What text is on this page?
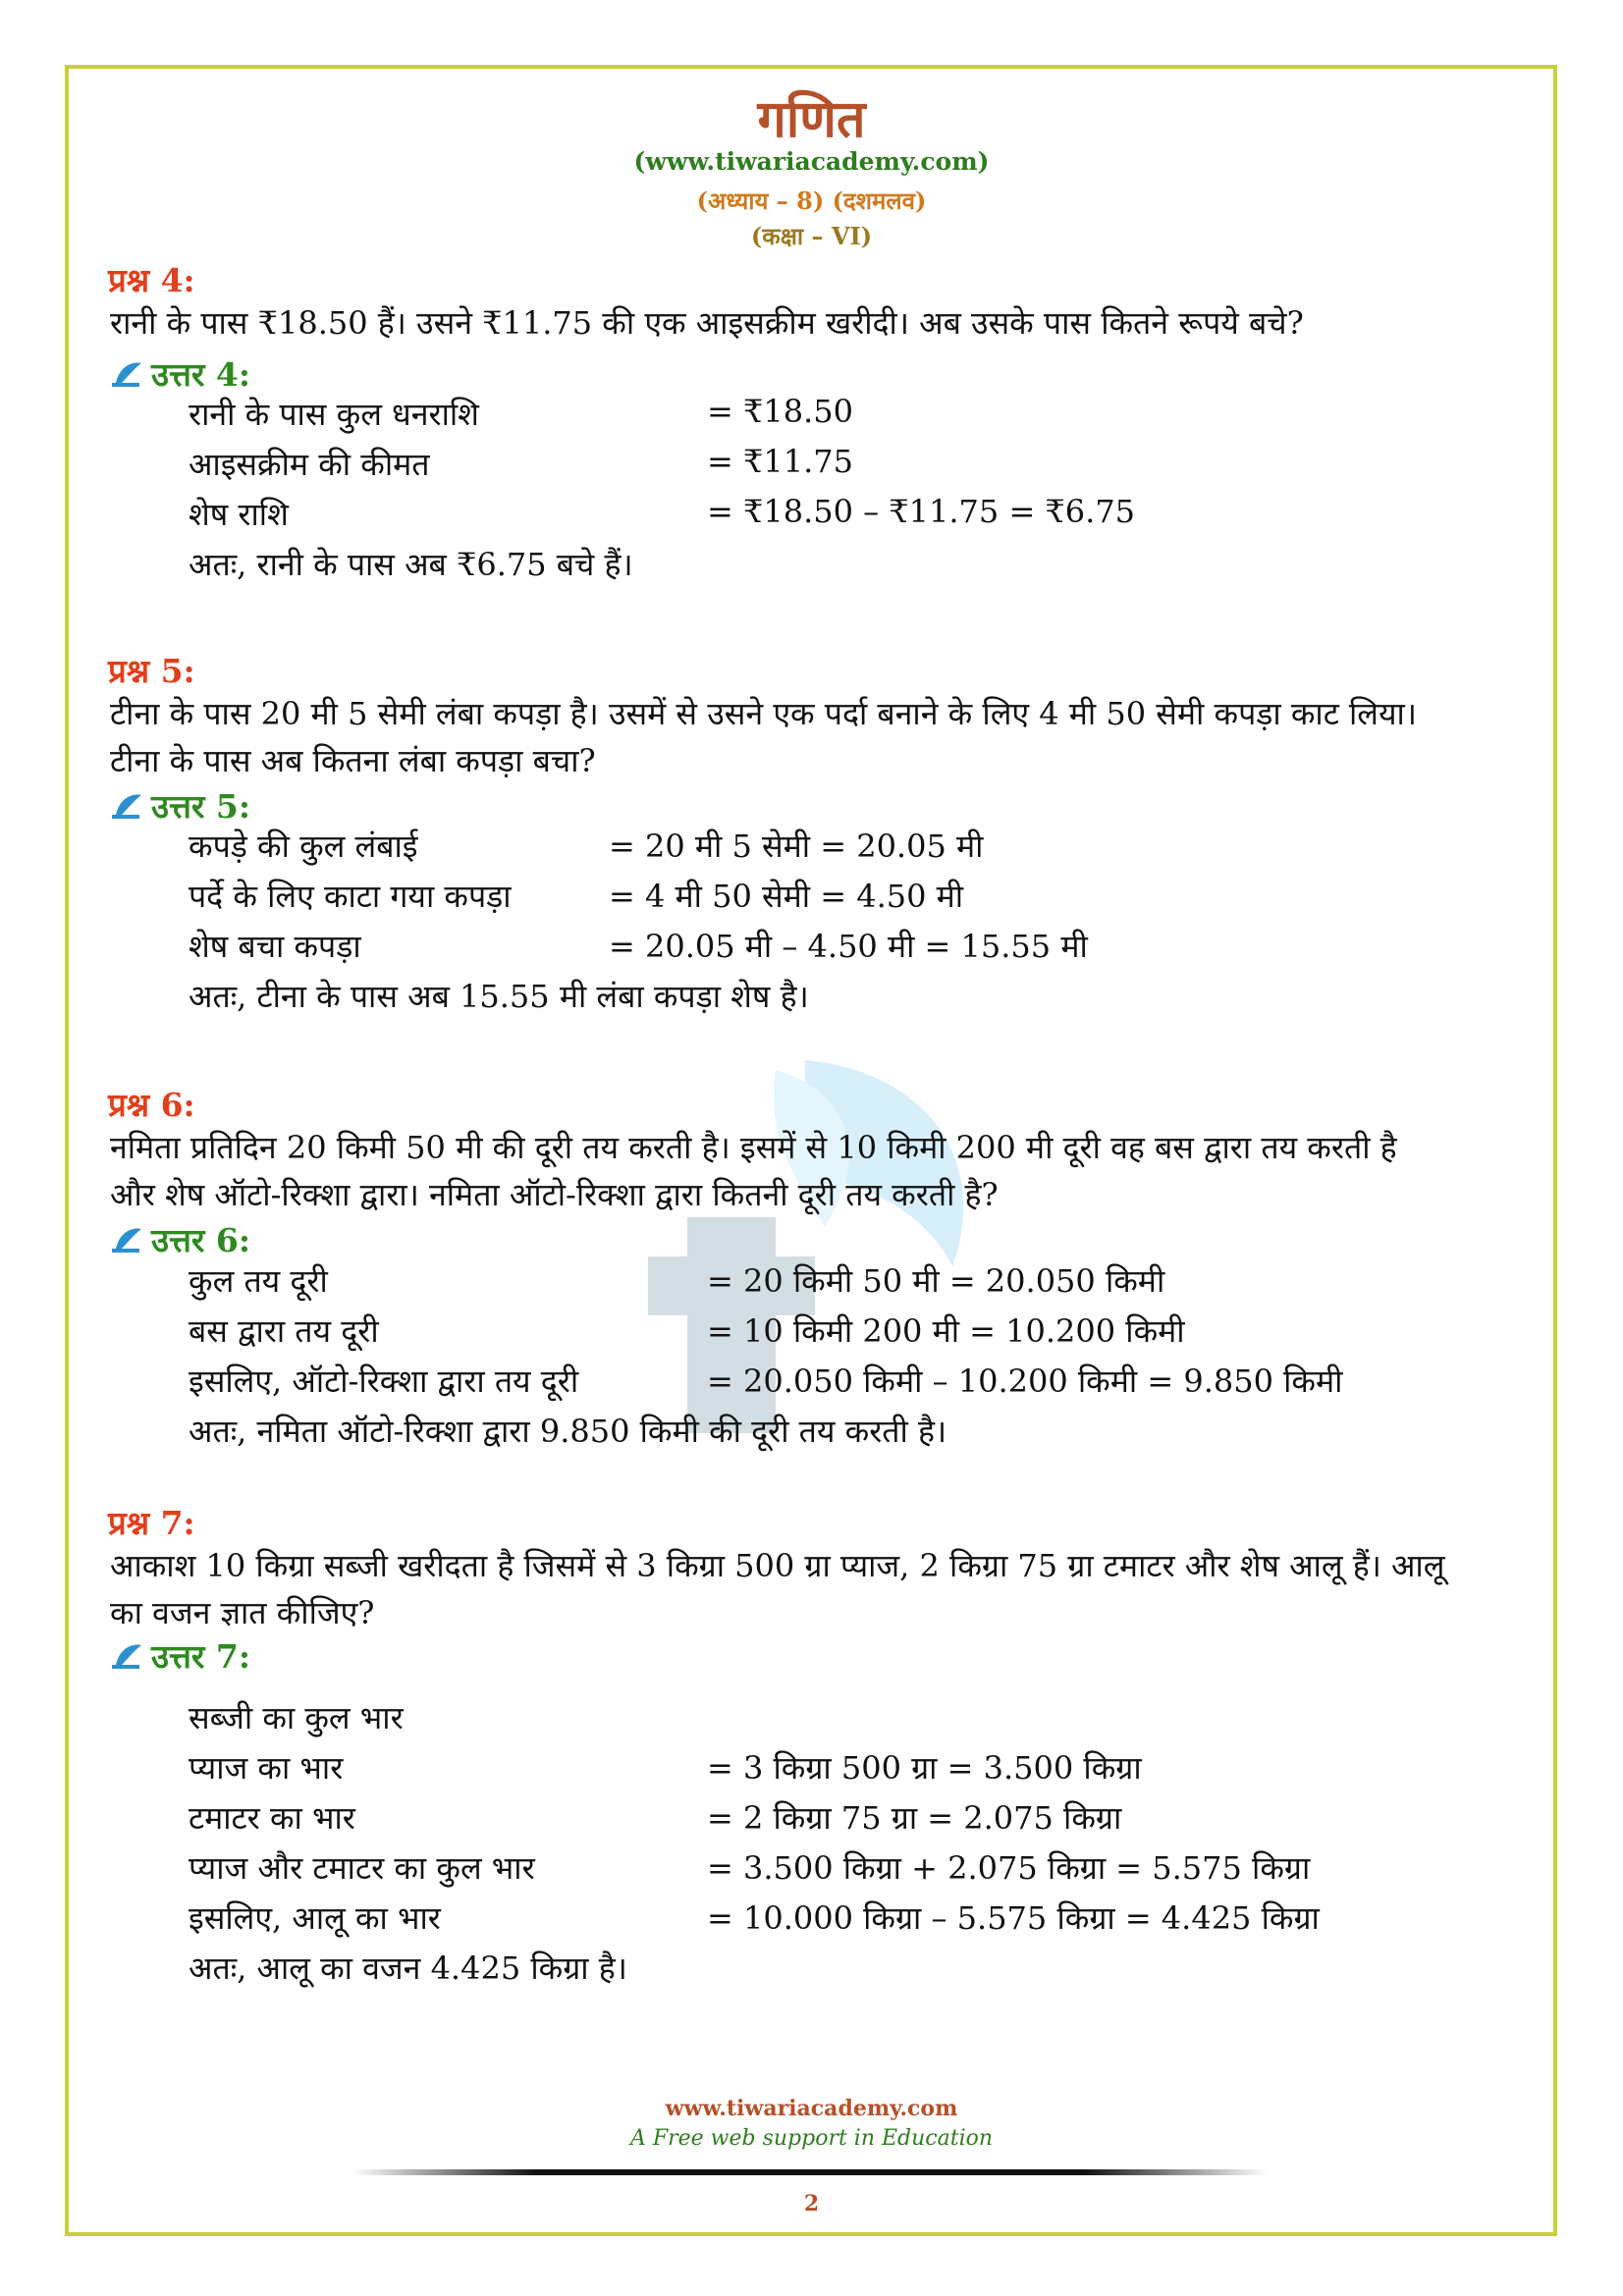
गणित
(www.tiwariacademy.com)
(अध्याय – 8) (दशमलव)
(कक्षा – VI)
प्रश्न 4:
रानी के पास ₹18.50 हैं। उसने ₹11.75 की एक आइसक्रीम खरीदी। अब उसके पास कितने रूपये बचे?
उत्तर 4:
रानी के पास कुल धनराशि	= ₹18.50
आइसक्रीम की कीमत	= ₹11.75
शेष राशि	= ₹18.50 – ₹11.75 = ₹6.75
अतः, रानी के पास अब ₹6.75 बचे हैं।
प्रश्न 5:
टीना के पास 20 मी 5 सेमी लंबा कपड़ा है। उसमें से उसने एक पर्दा बनाने के लिए 4 मी 50 सेमी कपड़ा काट लिया।
टीना के पास अब कितना लंबा कपड़ा बचा?
उत्तर 5:
कपड़े की कुल लंबाई	= 20 मी 5 सेमी = 20.05 मी
पर्दे के लिए काटा गया कपड़ा	= 4 मी 50 सेमी = 4.50 मी
शेष बचा कपड़ा	= 20.05 मी – 4.50 मी = 15.55 मी
अतः, टीना के पास अब 15.55 मी लंबा कपड़ा शेष है।
प्रश्न 6:
नमिता प्रतिदिन 20 किमी 50 मी की दूरी तय करती है। इसमें से 10 किमी 200 मी दूरी वह बस द्वारा तय करती है
और शेष ऑटो-रिक्शा द्वारा। नमिता ऑटो-रिक्शा द्वारा कितनी दूरी तय करती है?
उत्तर 6:
कुल तय दूरी	= 20 किमी 50 मी = 20.050 किमी
बस द्वारा तय दूरी	= 10 किमी 200 मी = 10.200 किमी
इसलिए, ऑटो-रिक्शा द्वारा तय दूरी	= 20.050 किमी – 10.200 किमी = 9.850 किमी
अतः, नमिता ऑटो-रिक्शा द्वारा 9.850 किमी की दूरी तय करती है।
प्रश्न 7:
आकाश 10 किग्रा सब्जी खरीदता है जिसमें से 3 किग्रा 500 ग्रा प्याज, 2 किग्रा 75 ग्रा टमाटर और शेष आलू हैं। आलू
का वजन ज्ञात कीजिए?
उत्तर 7:
सब्जी का कुल भार
प्याज का भार	= 3 किग्रा 500 ग्रा = 3.500 किग्रा
टमाटर का भार	= 2 किग्रा 75 ग्रा = 2.075 किग्रा
प्याज और टमाटर का कुल भार	= 3.500 किग्रा + 2.075 किग्रा = 5.575 किग्रा
इसलिए, आलू का भार	= 10.000 किग्रा – 5.575 किग्रा = 4.425 किग्रा
अतः, आलू का वजन 4.425 किग्रा है।
www.tiwariacademy.com
A Free web support in Education
2
